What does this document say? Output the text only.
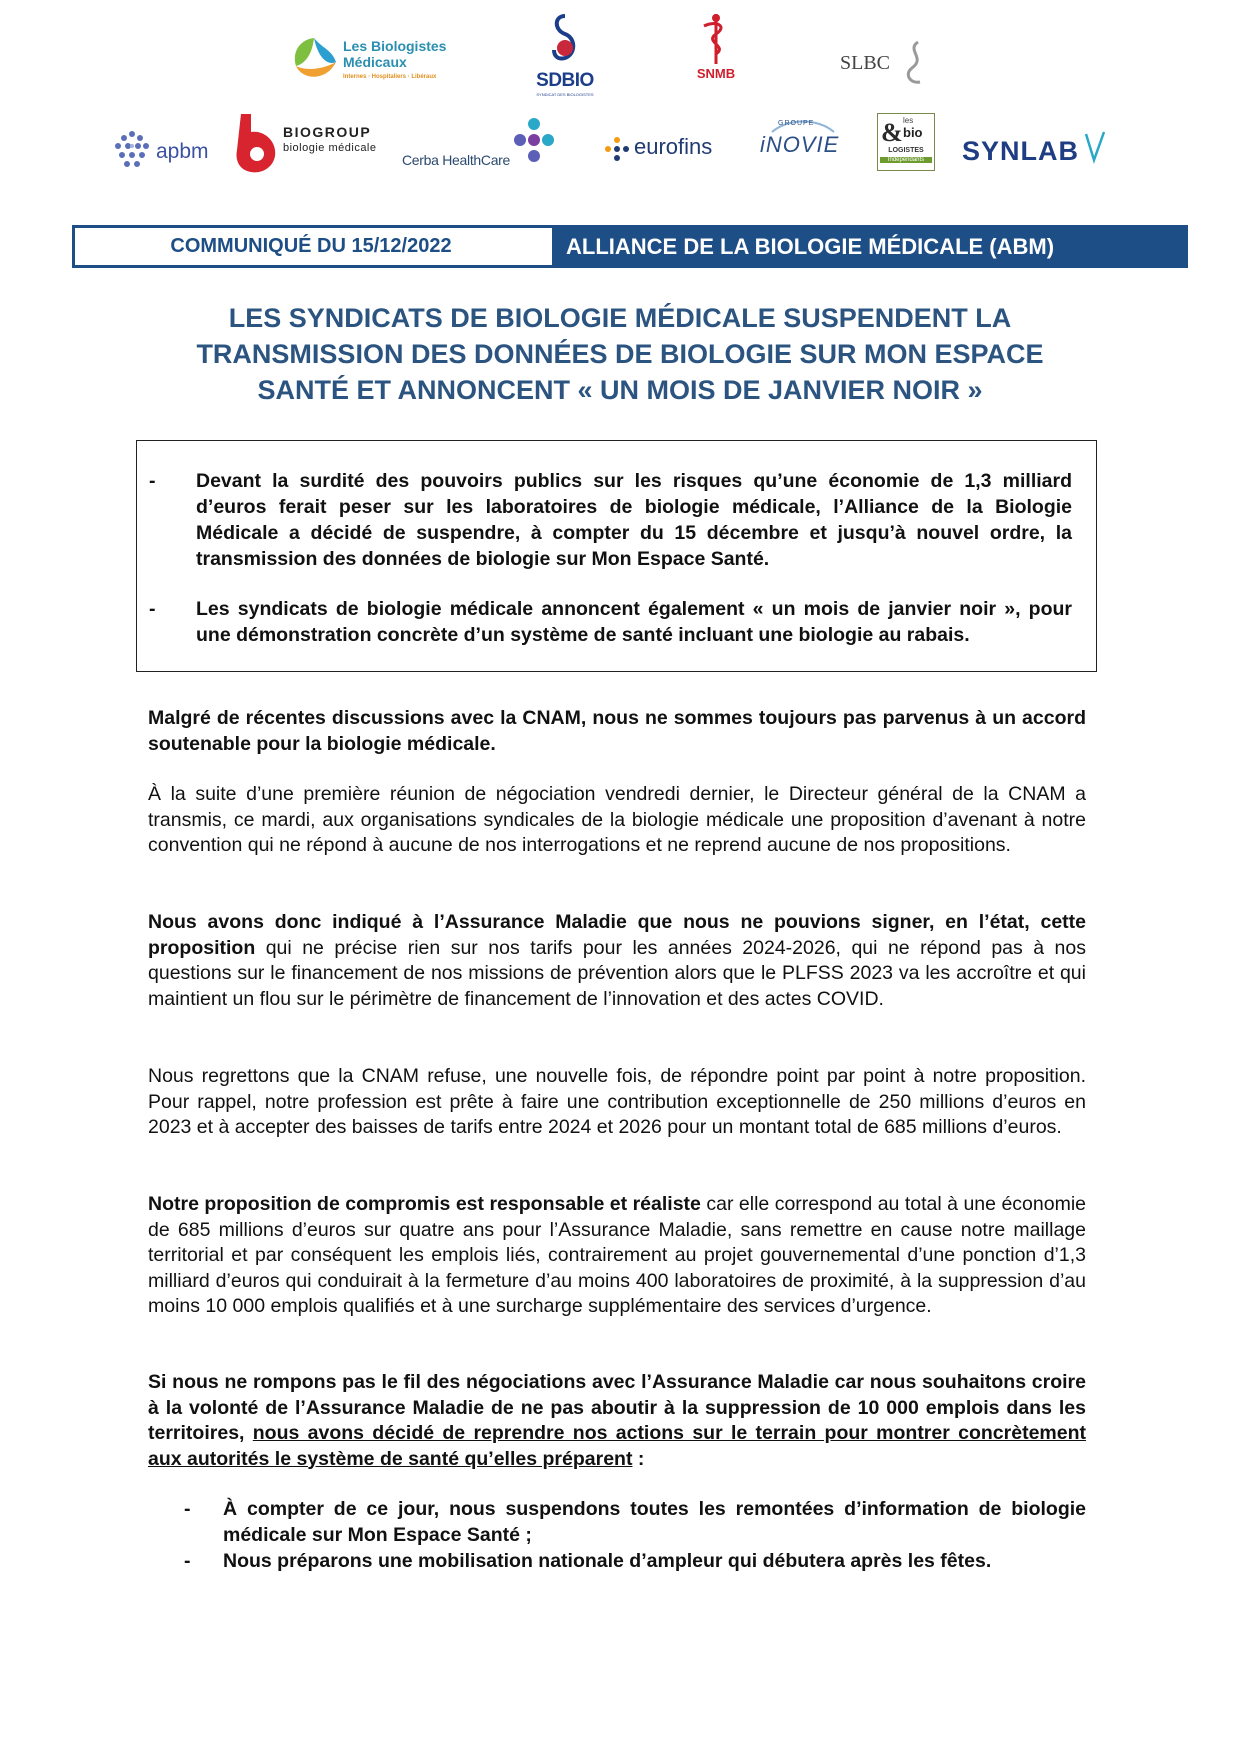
Les Biologistes
Médicaux
Internes · Hospitaliers · Libéraux	SDBIO
SYNDICAT DES BIOLOGISTES
SNMB	SLBC
apbm
BIOGROUP
biologie médicale
Cerba HealthCare
eurofins
GROUPE
iNOVIE & les
bio
LOGISTES
Indépendants SYNLAB
COMMUNIQUÉ DU 15/12/2022	ALLIANCE DE LA BIOLOGIE MÉDICALE (ABM)
LES SYNDICATS DE BIOLOGIE MÉDICALE SUSPENDENT LA
TRANSMISSION DES DONNÉES DE BIOLOGIE SUR MON ESPACE
SANTÉ ET ANNONCENT « UN MOIS DE JANVIER NOIR »
- Devant la surdité des pouvoirs publics sur les risques qu’une économie de 1,3 milliard d’euros ferait peser sur les laboratoires de biologie médicale, l’Alliance de la Biologie Médicale a décidé de suspendre, à compter du 15 décembre et jusqu’à nouvel ordre, la transmission des données de biologie sur Mon Espace Santé.
- Les syndicats de biologie médicale annoncent également « un mois de janvier noir », pour une démonstration concrète d’un système de santé incluant une biologie au rabais.
Malgré de récentes discussions avec la CNAM, nous ne sommes toujours pas parvenus à un accord soutenable pour la biologie médicale.
À la suite d’une première réunion de négociation vendredi dernier, le Directeur général de la CNAM a transmis, ce mardi, aux organisations syndicales de la biologie médicale une proposition d’avenant à notre convention qui ne répond à aucune de nos interrogations et ne reprend aucune de nos propositions.
Nous avons donc indiqué à l’Assurance Maladie que nous ne pouvions signer, en l’état, cette proposition qui ne précise rien sur nos tarifs pour les années 2024-2026, qui ne répond pas à nos questions sur le financement de nos missions de prévention alors que le PLFSS 2023 va les accroître et qui maintient un flou sur le périmètre de financement de l’innovation et des actes COVID.
Nous regrettons que la CNAM refuse, une nouvelle fois, de répondre point par point à notre proposition. Pour rappel, notre profession est prête à faire une contribution exceptionnelle de 250 millions d’euros en 2023 et à accepter des baisses de tarifs entre 2024 et 2026 pour un montant total de 685 millions d’euros.
Notre proposition de compromis est responsable et réaliste car elle correspond au total à une économie de 685 millions d’euros sur quatre ans pour l’Assurance Maladie, sans remettre en cause notre maillage territorial et par conséquent les emplois liés, contrairement au projet gouvernemental d’une ponction d’1,3 milliard d’euros qui conduirait à la fermeture d’au moins 400 laboratoires de proximité, à la suppression d’au moins 10 000 emplois qualifiés et à une surcharge supplémentaire des services d’urgence.
Si nous ne rompons pas le fil des négociations avec l’Assurance Maladie car nous souhaitons croire à la volonté de l’Assurance Maladie de ne pas aboutir à la suppression de 10 000 emplois dans les territoires, nous avons décidé de reprendre nos actions sur le terrain pour montrer concrètement aux autorités le système de santé qu’elles préparent :
- À compter de ce jour, nous suspendons toutes les remontées d’information de biologie médicale sur Mon Espace Santé ;
- Nous préparons une mobilisation nationale d’ampleur qui débutera après les fêtes.
